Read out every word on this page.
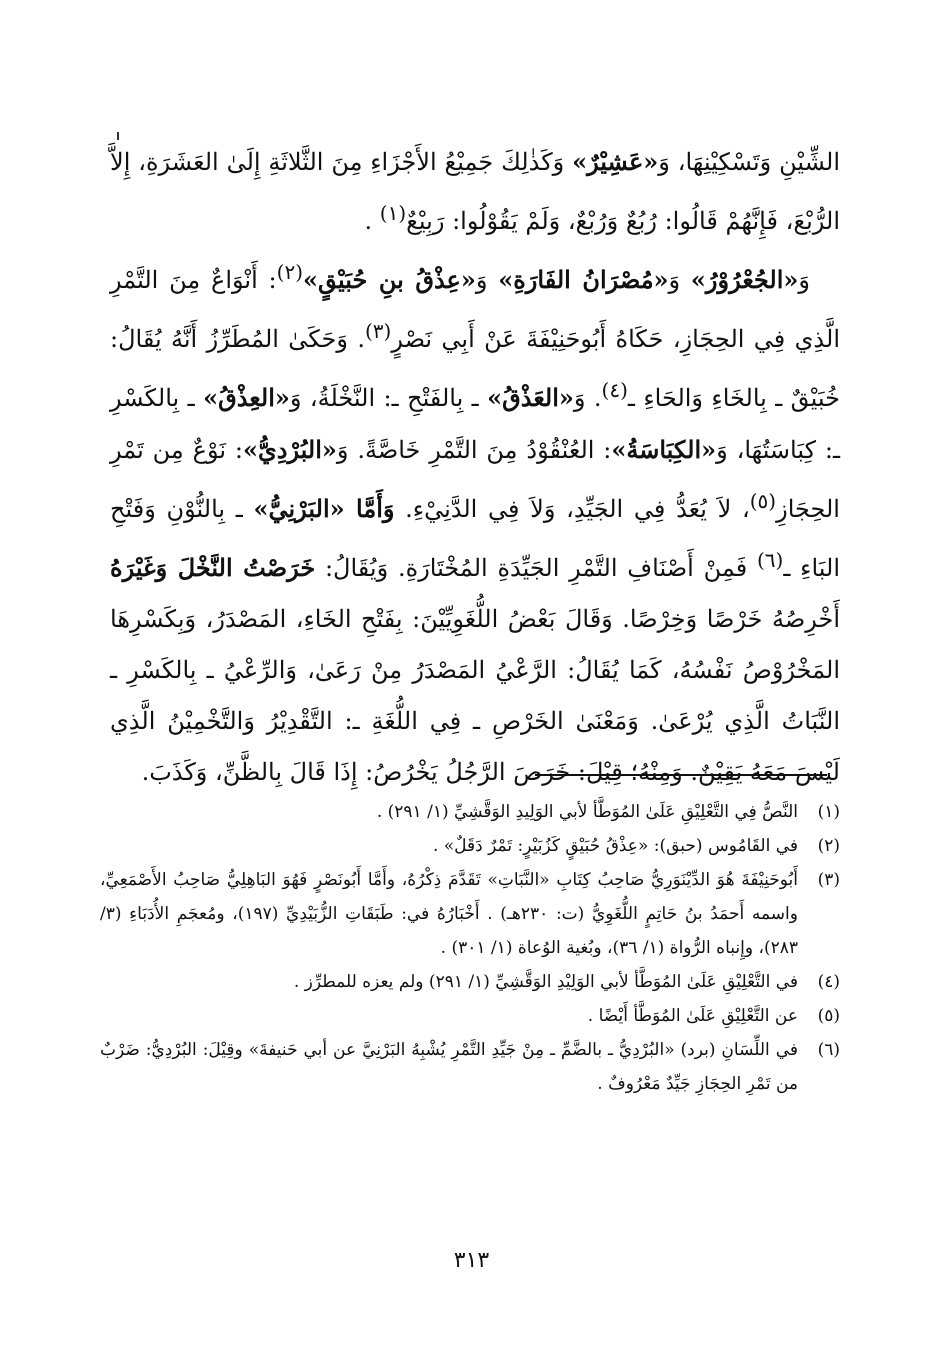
الشِّيْنِ وَتَسْكِيْنِهَا، وَ«عَشِيْرٌ» وَكَذٰلِكَ جَمِيْعُ الأَجْزَاءِ مِنَ الثَّلاثَةِ إِلَىٰ العَشَرَةِ، إِلاَّ الرُّبْعَ، فَإِنَّهُمْ قَالُوا: رُبُعٌ وَرُبْعٌ، وَلَمْ يَقُوْلُوا: رَبِيْعٌ$^{(١)}$ .

وَ«الجُعْرُوْرُ» وَ«مُصْرَانُ الفَارَةِ» وَ«عِذْقُ بنِ حُبَيْقٍ»$^{(٢)}$: أَنْوَاعٌ مِنَ التَّمْرِ الَّذِي فِي الحِجَازِ، حَكَاهُ أَبُوحَنِيْفَةَ عَنْ أَبِي نَصْرٍ$^{(٣)}$. وَحَكَىٰ المُطَرِّزُ أَنَّهُ يُقَالُ: خُبَيْقٌ ـ بِالخَاءِ وَالحَاءِ ـ$^{(٤)}$. وَ«العَذْقُ» ـ بِالفَتْحِ ـ: النَّخْلَةُ، وَ«العِذْقُ» ـ بِالكَسْرِ ـ: كِبَاسَتُهَا، وَ«الكِبَاسَةُ»: العُنْقُوْدُ مِنَ التَّمْرِ خَاصَّةً. وَ«البُرْدِيُّ»: نَوْعٌ مِن تَمْرِ الحِجَازِ$^{(٥)}$، لاَ يُعَدُّ فِي الجَيِّدِ، وَلاَ فِي الدَّنِيْءِ. وَأَمَّا «البَرْنِيُّ» ـ بِالنُّوْنِ وَفَتْحِ البَاءِ ـ$^{(٦)}$ فَمِنْ أَصْنَافِ التَّمْرِ الجَيِّدَةِ المُخْتَارَةِ. وَيُقَالُ: خَرَصْتُ النَّخْلَ وَغَيْرَهُ أَخْرِصُهُ خَرْصًا وَخِرْصًا. وَقَالَ بَعْضُ اللُّغَوِيِّيْنَ: بِفَتْحِ الخَاءِ، المَصْدَرُ، وَبِكَسْرِهَا المَخْرُوْصُ نَفْسُهُ، كَمَا يُقَالُ: الرَّعْيُ المَصْدَرُ مِنْ رَعَىٰ، وَالرِّعْيُ ـ بِالكَسْرِ ـ النَّبَاتُ الَّذِي يُرْعَىٰ. وَمَعْنَىٰ الخَرْصِ ـ فِي اللُّغَةِ ـ: التَّقْدِيْرُ وَالتَّخْمِيْنُ الَّذِي لَيْسَ مَعَهُ يَقِيْنٌ. وَمِنْهُ؛ قِيْلَ: خَرَصَ الرَّجُلُ يَخْرُصُ: إِذَا قَالَ بِالظَّنِّ، وَكَذَبَ.

(١)
النَّصُّ فِي التَّعْلِيْقِ عَلَىٰ المُوَطَّأ لأبي الوَلِيدِ الوَقَّشِيِّ (١/ ٢٩١) .
(٢)
في القَامُوس (حبق): «عِذْقُ حُبَيْقٍ كَزُبَيْرٍ: تَمْرٌ دَقَلٌ» .
(٣)
أَبُوحَنِيْفَةَ هُوَ الدِّيْنَوَرِيُّ صَاحِبُ كِتَابِ «النَّبَاتِ» تَقَدَّمَ ذِكْرُهُ، وأَمَّا أَبُونَصْرٍ فَهُوَ البَاهِلِيُّ صَاحِبُ الأَصْمَعِيِّ، واسمه أَحمَدُ بنُ حَاتِمٍ اللُّغَوِيُّ (ت: ٢٣٠هـ) . أَخْبَارُهُ في: طَبَقَاتِ الزُّبَيْدِيِّ (١٩٧)، ومُعجَمِ الأُدَبَاءِ (٣/ ٢٨٣)، وإِنباه الرُّواة (١/ ٣٦)، وبُغية الوُعاة (١/ ٣٠١) .
(٤)
في التَّعْلِيْقِ عَلَىٰ المُوَطَّأ لأبي الوَلِيْدِ الوَقَّشِيِّ (١/ ٢٩١) ولم يعزه للمطرِّز .
(٥)
عن التَّعْلِيْقِ عَلَىٰ المُوَطَّأ أَيْضًا .
(٦)
في اللِّسَانِ (برد) «البُرْدِيُّ ـ بالضَّمِّ ـ مِنْ جَيِّدِ التَّمْرِ يُشْبِهُ البَرْنِيَّ عن أبي حَنيفةَ» وقِيْلَ: البُرْدِيُّ: ضَرْبٌ من تَمْرِ الحِجَازِ جَيِّدٌ مَعْرُوفٌ .
٣١٣
